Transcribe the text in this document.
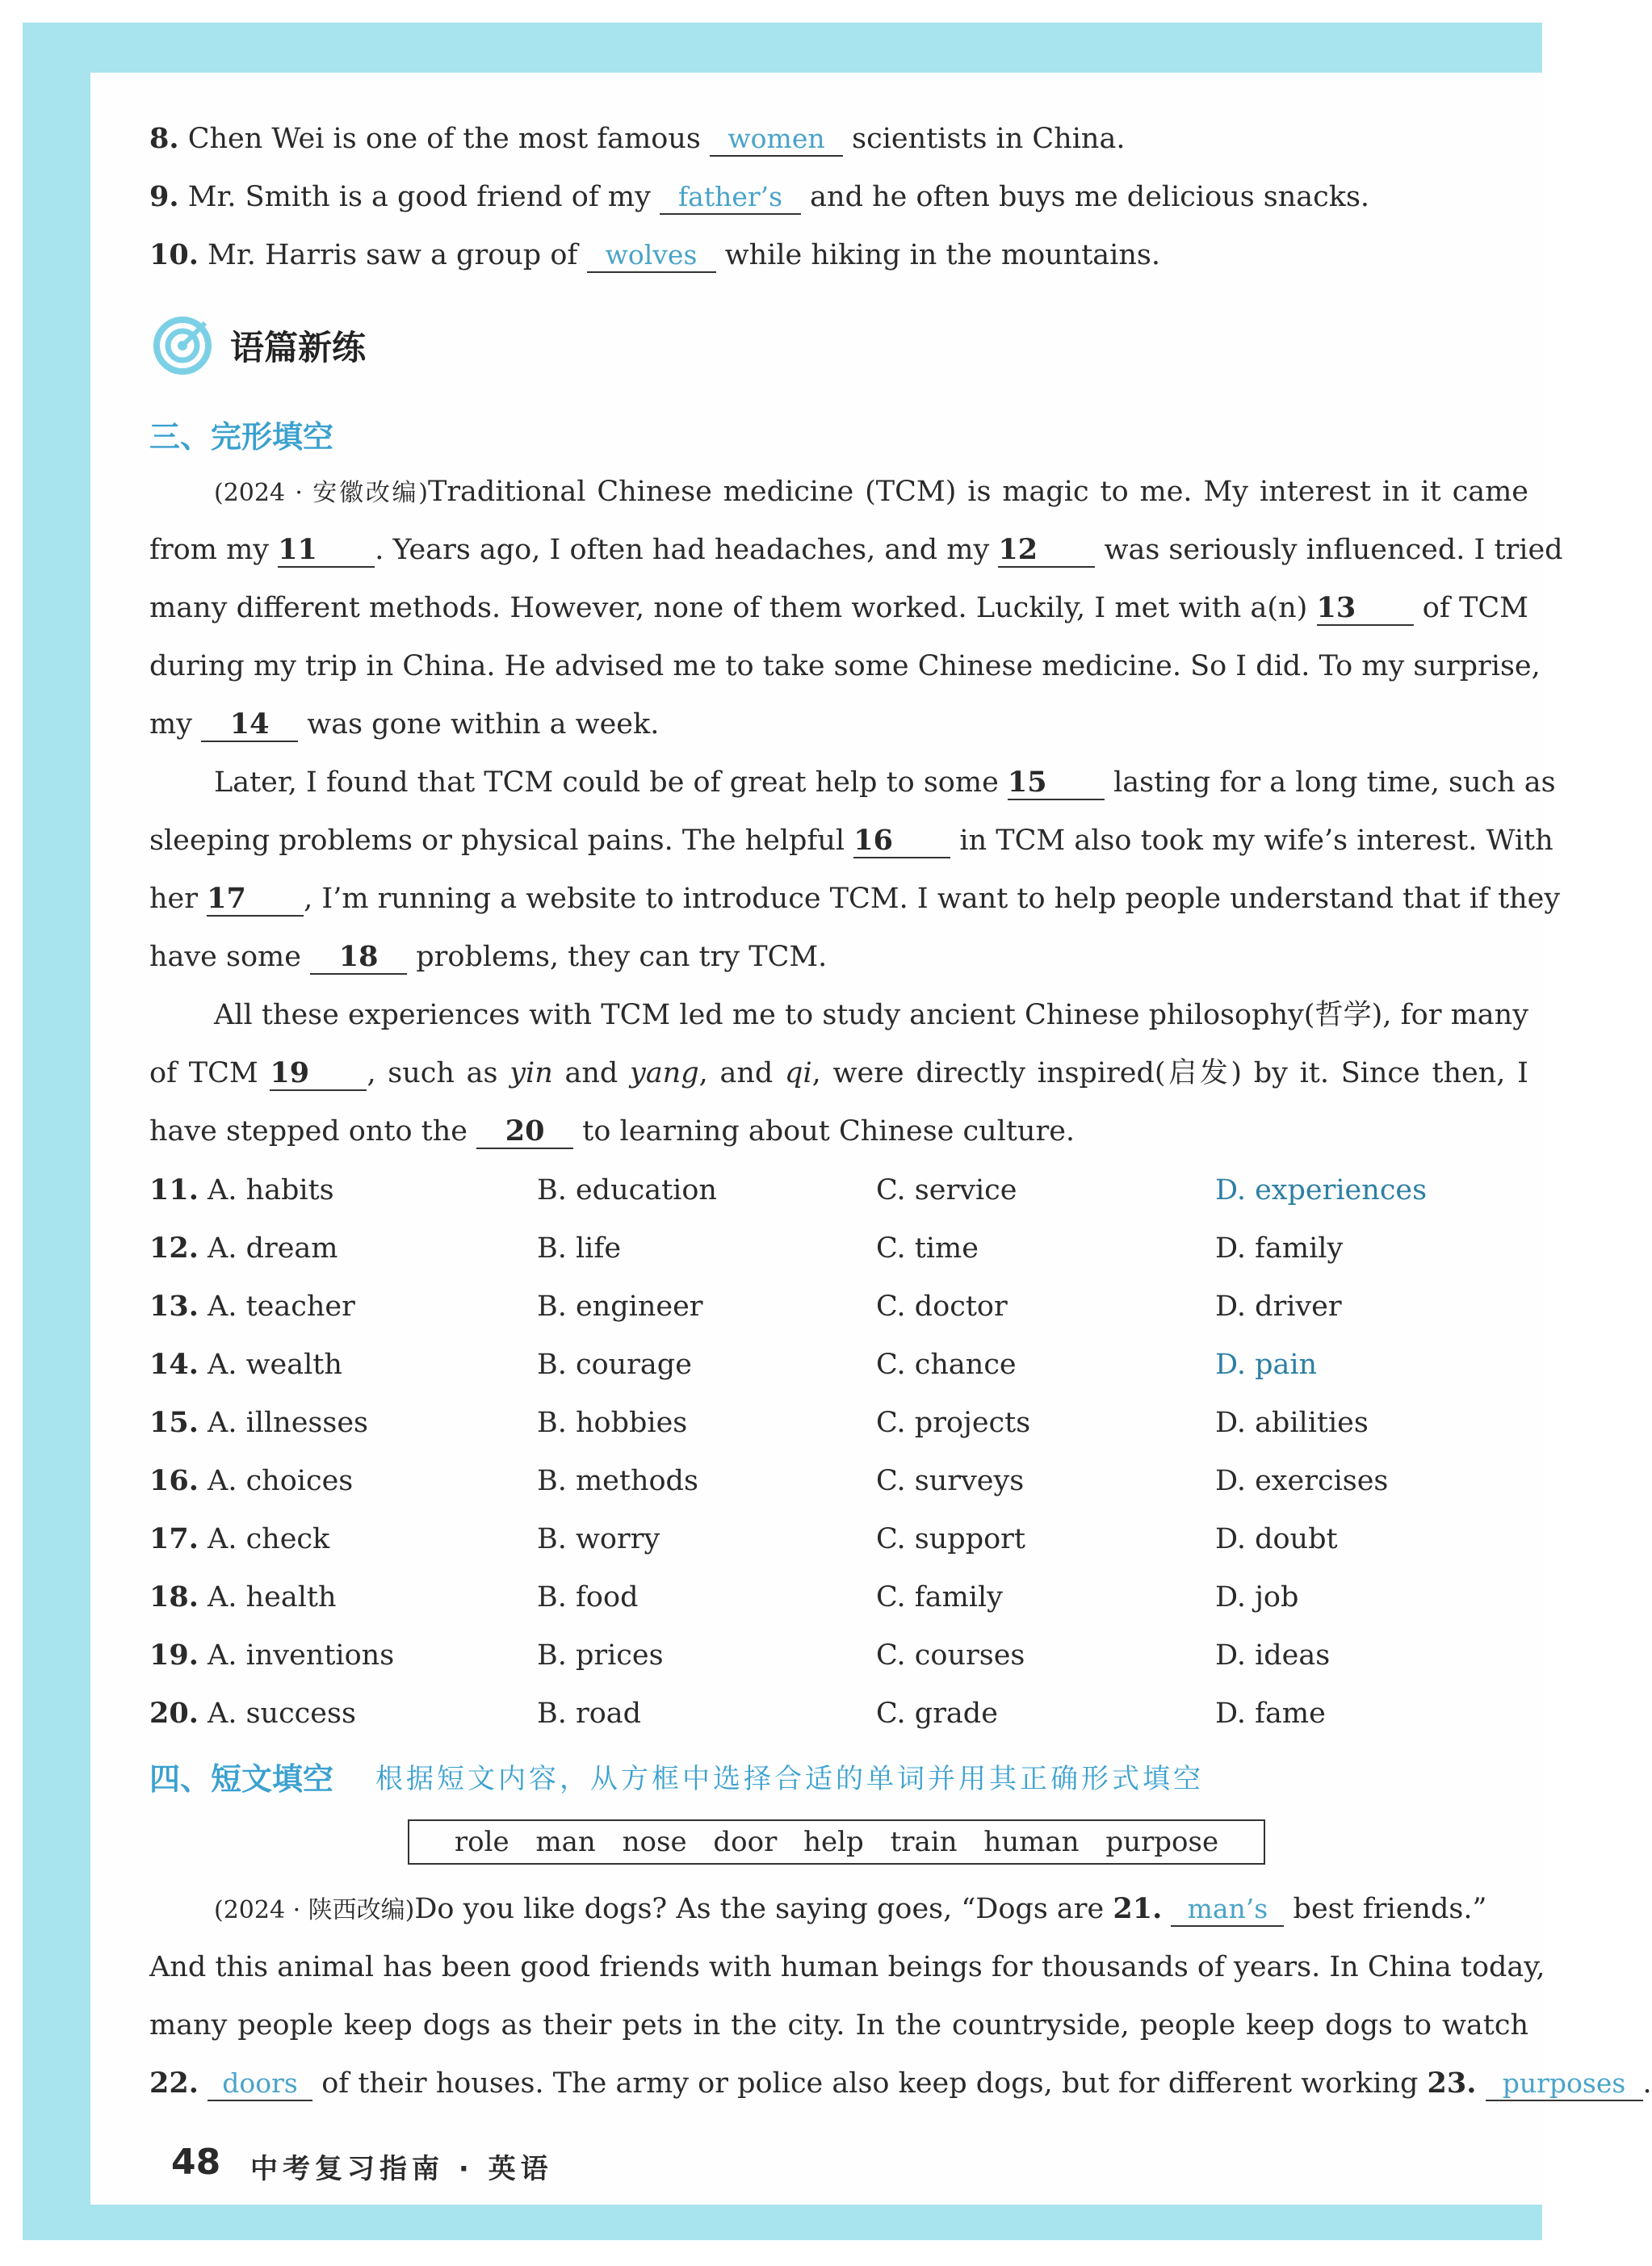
8. Chen Wei is one of the most famous women scientists in China.
9. Mr. Smith is a good friend of my father’s and he often buys me delicious snacks.
10. Mr. Harris saw a group of wolves while hiking in the mountains.
语篇新练
三、完形填空
(2024 · 安徽改编)Traditional Chinese medicine (TCM) is magic to me. My interest in it came
from my 11 . Years ago, I often had headaches, and my 12 was seriously influenced. I tried
many different methods. However, none of them worked. Luckily, I met with a(n) 13 of TCM
during my trip in China. He advised me to take some Chinese medicine. So I did. To my surprise,
my 14 was gone within a week.
Later, I found that TCM could be of great help to some 15 lasting for a long time, such as
sleeping problems or physical pains. The helpful 16 in TCM also took my wife’s interest. With
her 17 , I’m running a website to introduce TCM. I want to help people understand that if they
have some 18 problems, they can try TCM.
All these experiences with TCM led me to study ancient Chinese philosophy(哲学), for many
of TCM 19 , such as yin and yang, and qi, were directly inspired(启发) by it. Since then, I
have stepped onto the 20 to learning about Chinese culture.
11. A. habits	B. education	C. service	D. experiences
12. A. dream	B. life	C. time	D. family
13. A. teacher	B. engineer	C. doctor	D. driver
14. A. wealth	B. courage	C. chance	D. pain
15. A. illnesses	B. hobbies	C. projects	D. abilities
16. A. choices	B. methods	C. surveys	D. exercises
17. A. check	B. worry	C. support	D. doubt
18. A. health	B. food	C. family	D. job
19. A. inventions	B. prices	C. courses	D. ideas
20. A. success	B. road	C. grade	D. fame
四、短文填空 根据短文内容，从方框中选择合适的单词并用其正确形式填空
role man nose door help train human purpose
(2024 · 陕西改编)Do you like dogs? As the saying goes, “Dogs are 21. man’s best friends.”
And this animal has been good friends with human beings for thousands of years. In China today,
many people keep dogs as their pets in the city. In the countryside, people keep dogs to watch
22. doors of their houses. The army or police also keep dogs, but for different working 23. purposes .
48 中考复习指南 · 英语
